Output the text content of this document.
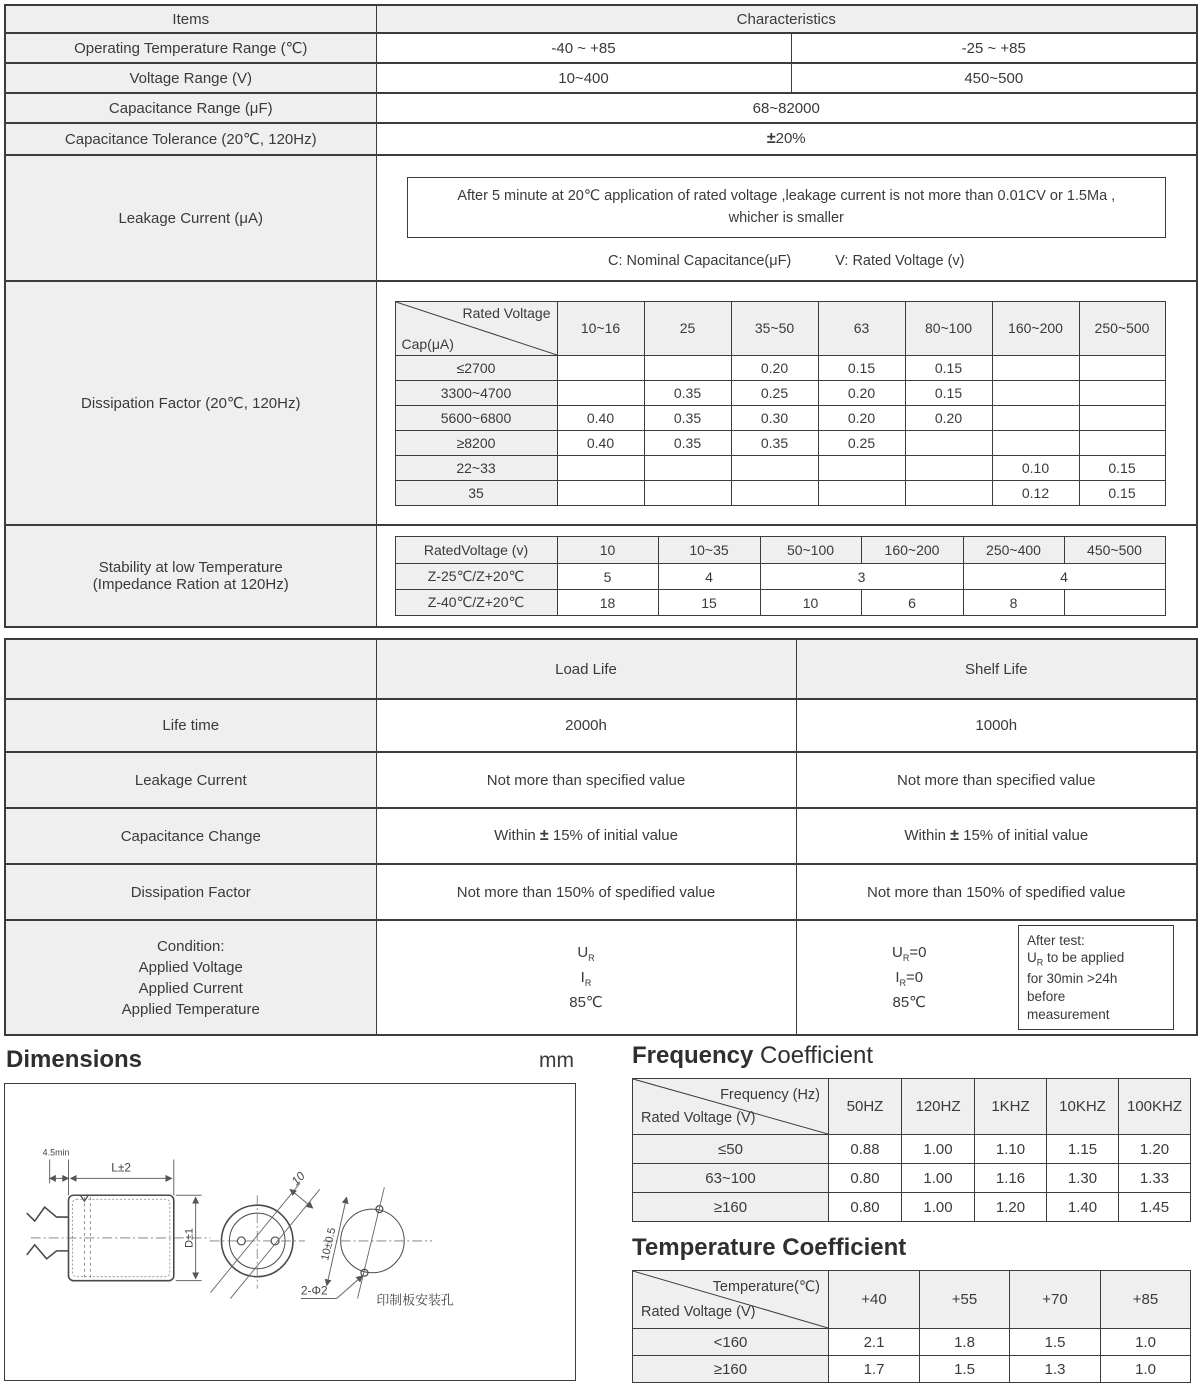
Items	Characteristics
Operating Temperature Range (℃)	-40 ~ +85	-25 ~ +85
Voltage Range (V)	10~400	450~500
Capacitance Range (μF)	68~82000
Capacitance Tolerance (20℃, 120Hz)	±20%
Leakage Current (μA)	
After 5 minute at 20℃ application of rated voltage ,leakage current is not more than 0.01CV or 1.5Ma ,
whicher is smaller
C: Nominal Capacitance(μF)	V: Rated Voltage (v)

Dissipation Factor (20℃, 120Hz)	
Rated Voltage
Cap(μA)
	10~16	25	35~50	63	80~100	160~200	250~500
≤2700			0.20	0.15	0.15		
3300~4700		0.35	0.25	0.20	0.15		
5600~6800	0.40	0.35	0.30	0.20	0.20		
≥8200	0.40	0.35	0.35	0.25			
22~33						0.10	0.15
35						0.12	0.15

Stability at low Temperature
(Impedance Ration at 120Hz)

RatedVoltage (v)	10	10~35	50~100	160~200	250~400	450~500
Z-25℃/Z+20℃	5	4	3	4
Z-40℃/Z+20℃	18	15	10	6	8	
	Load Life	Shelf Life
Life time	2000h	1000h
Leakage Current	Not more than specified value	Not more than specified value
Capacitance Change	Within ± 15% of initial value	Within ± 15% of initial value
Dissipation Factor	Not more than 150% of spedified value	Not more than 150% of spedified value

Condition:
Applied Voltage
Applied Current
Applied Temperature

$U_R$
$I_R$
85℃

$U_R=0$
$I_R=0$
85℃
After test:
$U_R$ to be applied
for 30min >24h
before
measurement
Dimensions	mm
4.5min
L±2
D±1
10
10±0.5
2-Φ2
印制板安装孔
Frequency Coefficient
Frequency (Hz)
Rated Voltage (V)	50HZ	120HZ	1KHZ	10KHZ	100KHZ
≤50	0.88	1.00	1.10	1.15	1.20
63~100	0.80	1.00	1.16	1.30	1.33
≥160	0.80	1.00	1.20	1.40	1.45
Temperature Coefficient
Temperature(℃)
Rated Voltage (V)	+40	+55	+70	+85
<160	2.1	1.8	1.5	1.0
≥160	1.7	1.5	1.3	1.0
